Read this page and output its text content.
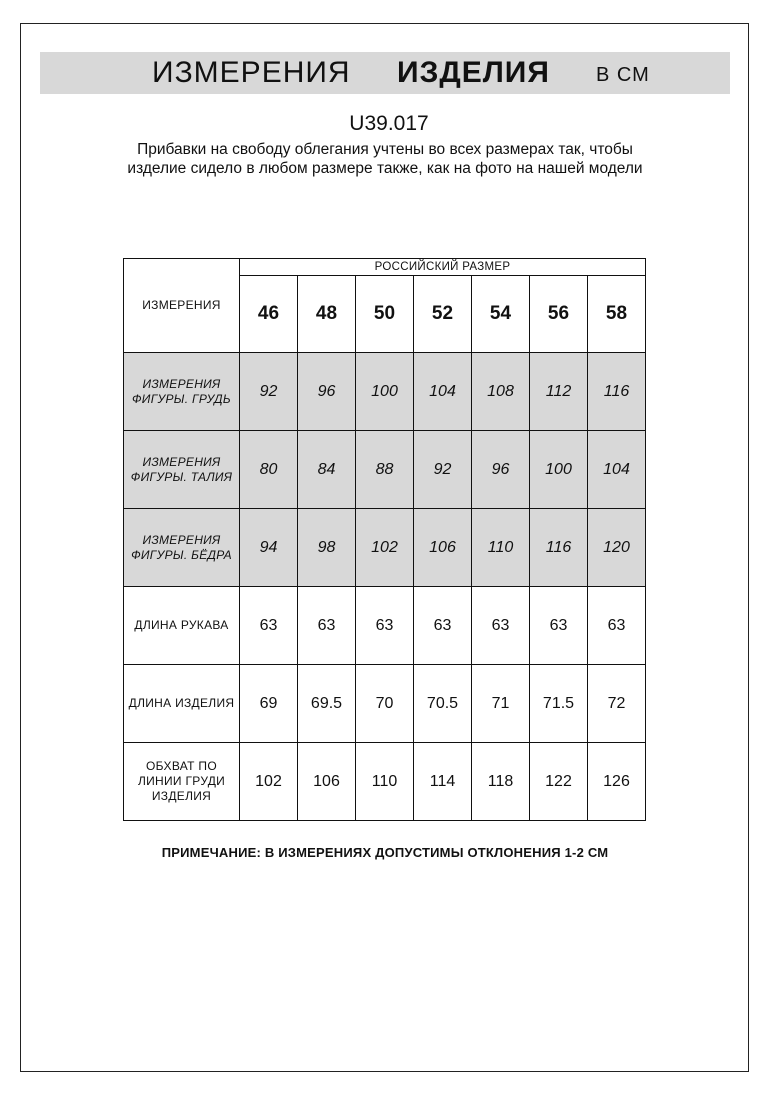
ИЗМЕРЕНИЯ ИЗДЕЛИЯ В СМ
U39.017
Прибавки на свободу облегания учтены во всех размерах так, чтобы изделие сидело в любом размере также, как на фото на нашей модели
ИЗМЕРЕНИЯ	РОССИЙСКИЙ РАЗМЕР						
	46	48	50	52	54	56	58
ИЗМЕРЕНИЯ ФИГУРЫ. ГРУДЬ	92	96	100	104	108	112	116
ИЗМЕРЕНИЯ ФИГУРЫ. ТАЛИЯ	80	84	88	92	96	100	104
ИЗМЕРЕНИЯ ФИГУРЫ. БЁДРА	94	98	102	106	110	116	120
ДЛИНА РУКАВА	63	63	63	63	63	63	63
ДЛИНА ИЗДЕЛИЯ	69	69.5	70	70.5	71	71.5	72
ОБХВАТ ПО ЛИНИИ ГРУДИ ИЗДЕЛИЯ	102	106	110	114	118	122	126
ПРИМЕЧАНИЕ: В ИЗМЕРЕНИЯХ ДОПУСТИМЫ ОТКЛОНЕНИЯ 1-2 СМ
